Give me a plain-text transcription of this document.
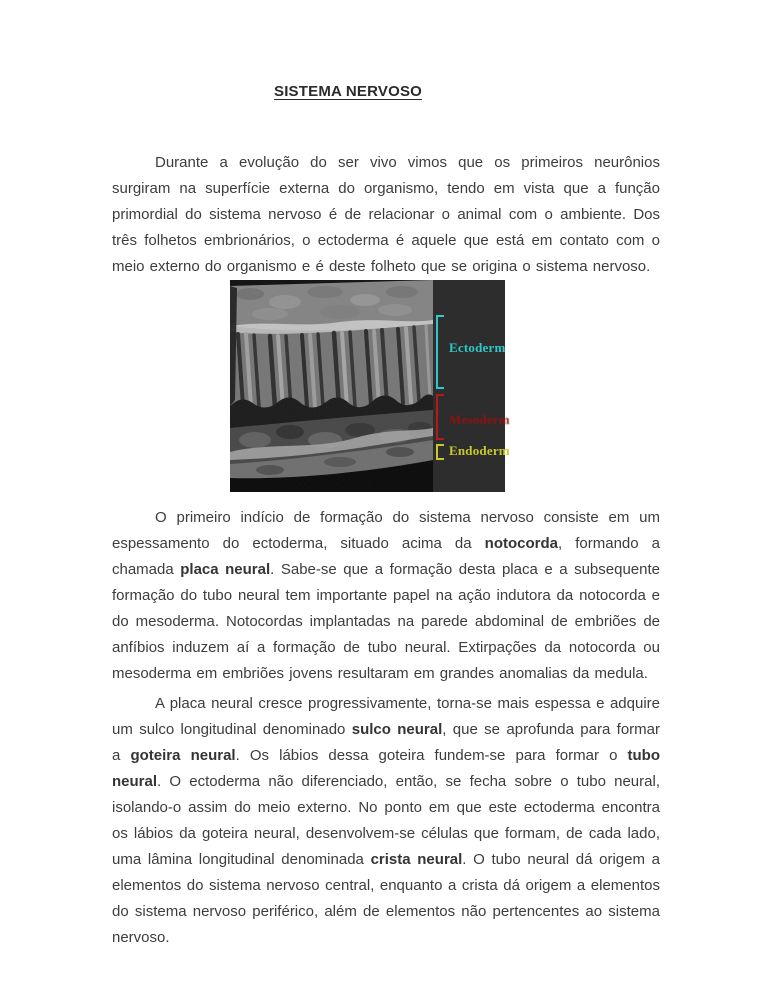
SISTEMA NERVOSO

Durante a evolução do ser vivo vimos que os primeiros neurônios surgiram na superfície externa do organismo, tendo em vista que a função primordial do sistema nervoso é de relacionar o animal com o ambiente. Dos três folhetos embrionários, o ectoderma é aquele que está em contato com o meio externo do organismo e é deste folheto que se origina o sistema nervoso.

Ectoderm
Mesoderm
Endoderm

O primeiro indício de formação do sistema nervoso consiste em um espessamento do ectoderma, situado acima da notocorda, formando a chamada placa neural. Sabe-se que a formação desta placa e a subsequente formação do tubo neural tem importante papel na ação indutora da notocorda e do mesoderma. Notocordas implantadas na parede abdominal de embriões de anfíbios induzem aí a formação de tubo neural. Extirpações da notocorda ou mesoderma em embriões jovens resultaram em grandes anomalias da medula.

A placa neural cresce progressivamente, torna-se mais espessa e adquire um sulco longitudinal denominado sulco neural, que se aprofunda para formar a goteira neural. Os lábios dessa goteira fundem-se para formar o tubo neural. O ectoderma não diferenciado, então, se fecha sobre o tubo neural, isolando-o assim do meio externo. No ponto em que este ectoderma encontra os lábios da goteira neural, desenvolvem-se células que formam, de cada lado, uma lâmina longitudinal denominada crista neural. O tubo neural dá origem a elementos do sistema nervoso central, enquanto a crista dá origem a elementos do sistema nervoso periférico, além de elementos não pertencentes ao sistema nervoso.
